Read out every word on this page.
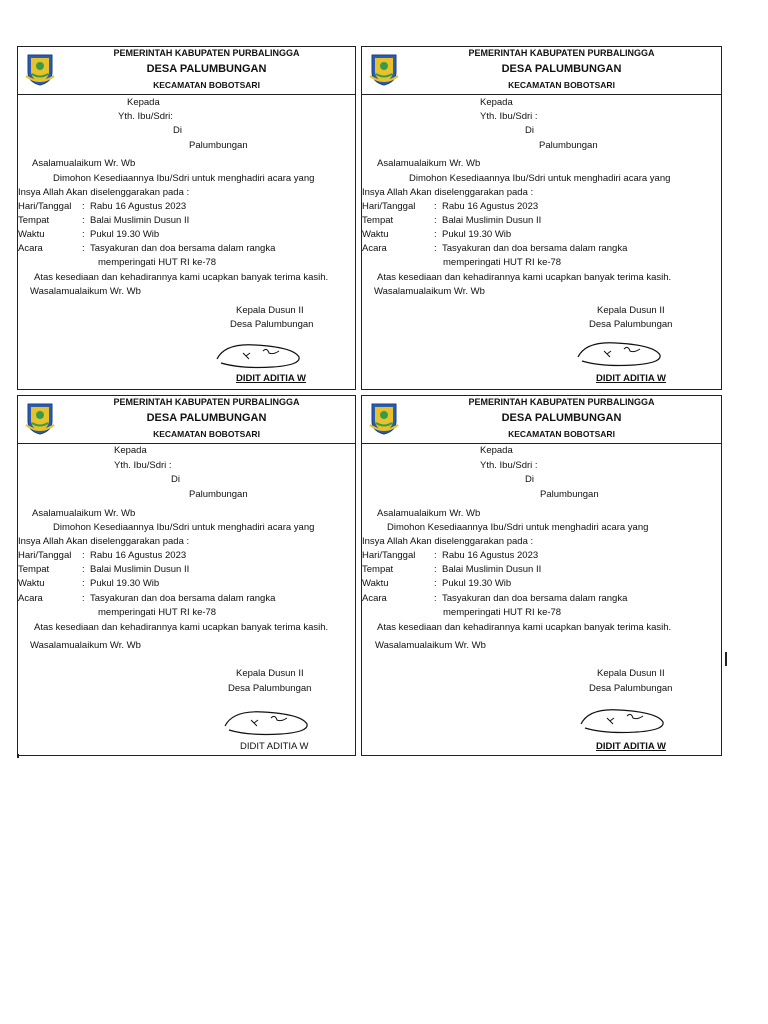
PEMERINTAH KABUPATEN PURBALINGGA
DESA PALUMBUNGAN
KECAMATAN BOBOTSARI
Kepada
Yth. Ibu/Sdri:
Di
Palumbungan
Asalamualaikum Wr. Wb
Dimohon Kesediaannya Ibu/Sdri untuk menghadiri acara yang
Insya Allah Akan diselenggarakan pada :
Hari/Tanggal : Rabu 16 Agustus 2023
Tempat	: Balai Muslimin Dusun II
Waktu	: Pukul 19.30 Wib
Acara	: Tasyakuran dan doa bersama dalam rangka
memperingati HUT RI ke-78
Atas kesediaan dan kehadirannya kami ucapkan banyak terima kasih.
Wasalamualaikum Wr. Wb
Kepala Dusun II
Desa Palumbungan
DIDIT ADITIA W
PEMERINTAH KABUPATEN PURBALINGGA
DESA PALUMBUNGAN
KECAMATAN BOBOTSARI
Kepada
Yth. Ibu/Sdri :
Di
Palumbungan
Asalamualaikum Wr. Wb
Dimohon Kesediaannya Ibu/Sdri untuk menghadiri acara yang
Insya Allah Akan diselenggarakan pada :
Hari/Tanggal : Rabu 16 Agustus 2023
Tempat	: Balai Muslimin Dusun II
Waktu	: Pukul 19.30 Wib
Acara	: Tasyakuran dan doa bersama dalam rangka
memperingati HUT RI ke-78
Atas kesediaan dan kehadirannya kami ucapkan banyak terima kasih.
Wasalamualaikum Wr. Wb
Kepala Dusun II
Desa Palumbungan
DIDIT ADITIA W
PEMERINTAH KABUPATEN PURBALINGGA
DESA PALUMBUNGAN
KECAMATAN BOBOTSARI
Kepada
Yth. Ibu/Sdri :
Di
Palumbungan
Asalamualaikum Wr. Wb
Dimohon Kesediaannya Ibu/Sdri untuk menghadiri acara yang
Insya Allah Akan diselenggarakan pada :
Hari/Tanggal : Rabu 16 Agustus 2023
Tempat	: Balai Muslimin Dusun II
Waktu	: Pukul 19.30 Wib
Acara	: Tasyakuran dan doa bersama dalam rangka
memperingati HUT RI ke-78
Atas kesediaan dan kehadirannya kami ucapkan banyak terima kasih.
Wasalamualaikum Wr. Wb
Kepala Dusun II
Desa Palumbungan
DIDIT ADITIA W
PEMERINTAH KABUPATEN PURBALINGGA
DESA PALUMBUNGAN
KECAMATAN BOBOTSARI
Kepada
Yth. Ibu/Sdri :
Di
Palumbungan
Asalamualaikum Wr. Wb
Dimohon Kesediaannya Ibu/Sdri untuk menghadiri acara yang
Insya Allah Akan diselenggarakan pada :
Hari/Tanggal : Rabu 16 Agustus 2023
Tempat	: Balai Muslimin Dusun II
Waktu	: Pukul 19.30 Wib
Acara	: Tasyakuran dan doa bersama dalam rangka
memperingati HUT RI ke-78
Atas kesediaan dan kehadirannya kami ucapkan banyak terima kasih.
Wasalamualaikum Wr. Wb
Kepala Dusun II
Desa Palumbungan
DIDIT ADITIA W
